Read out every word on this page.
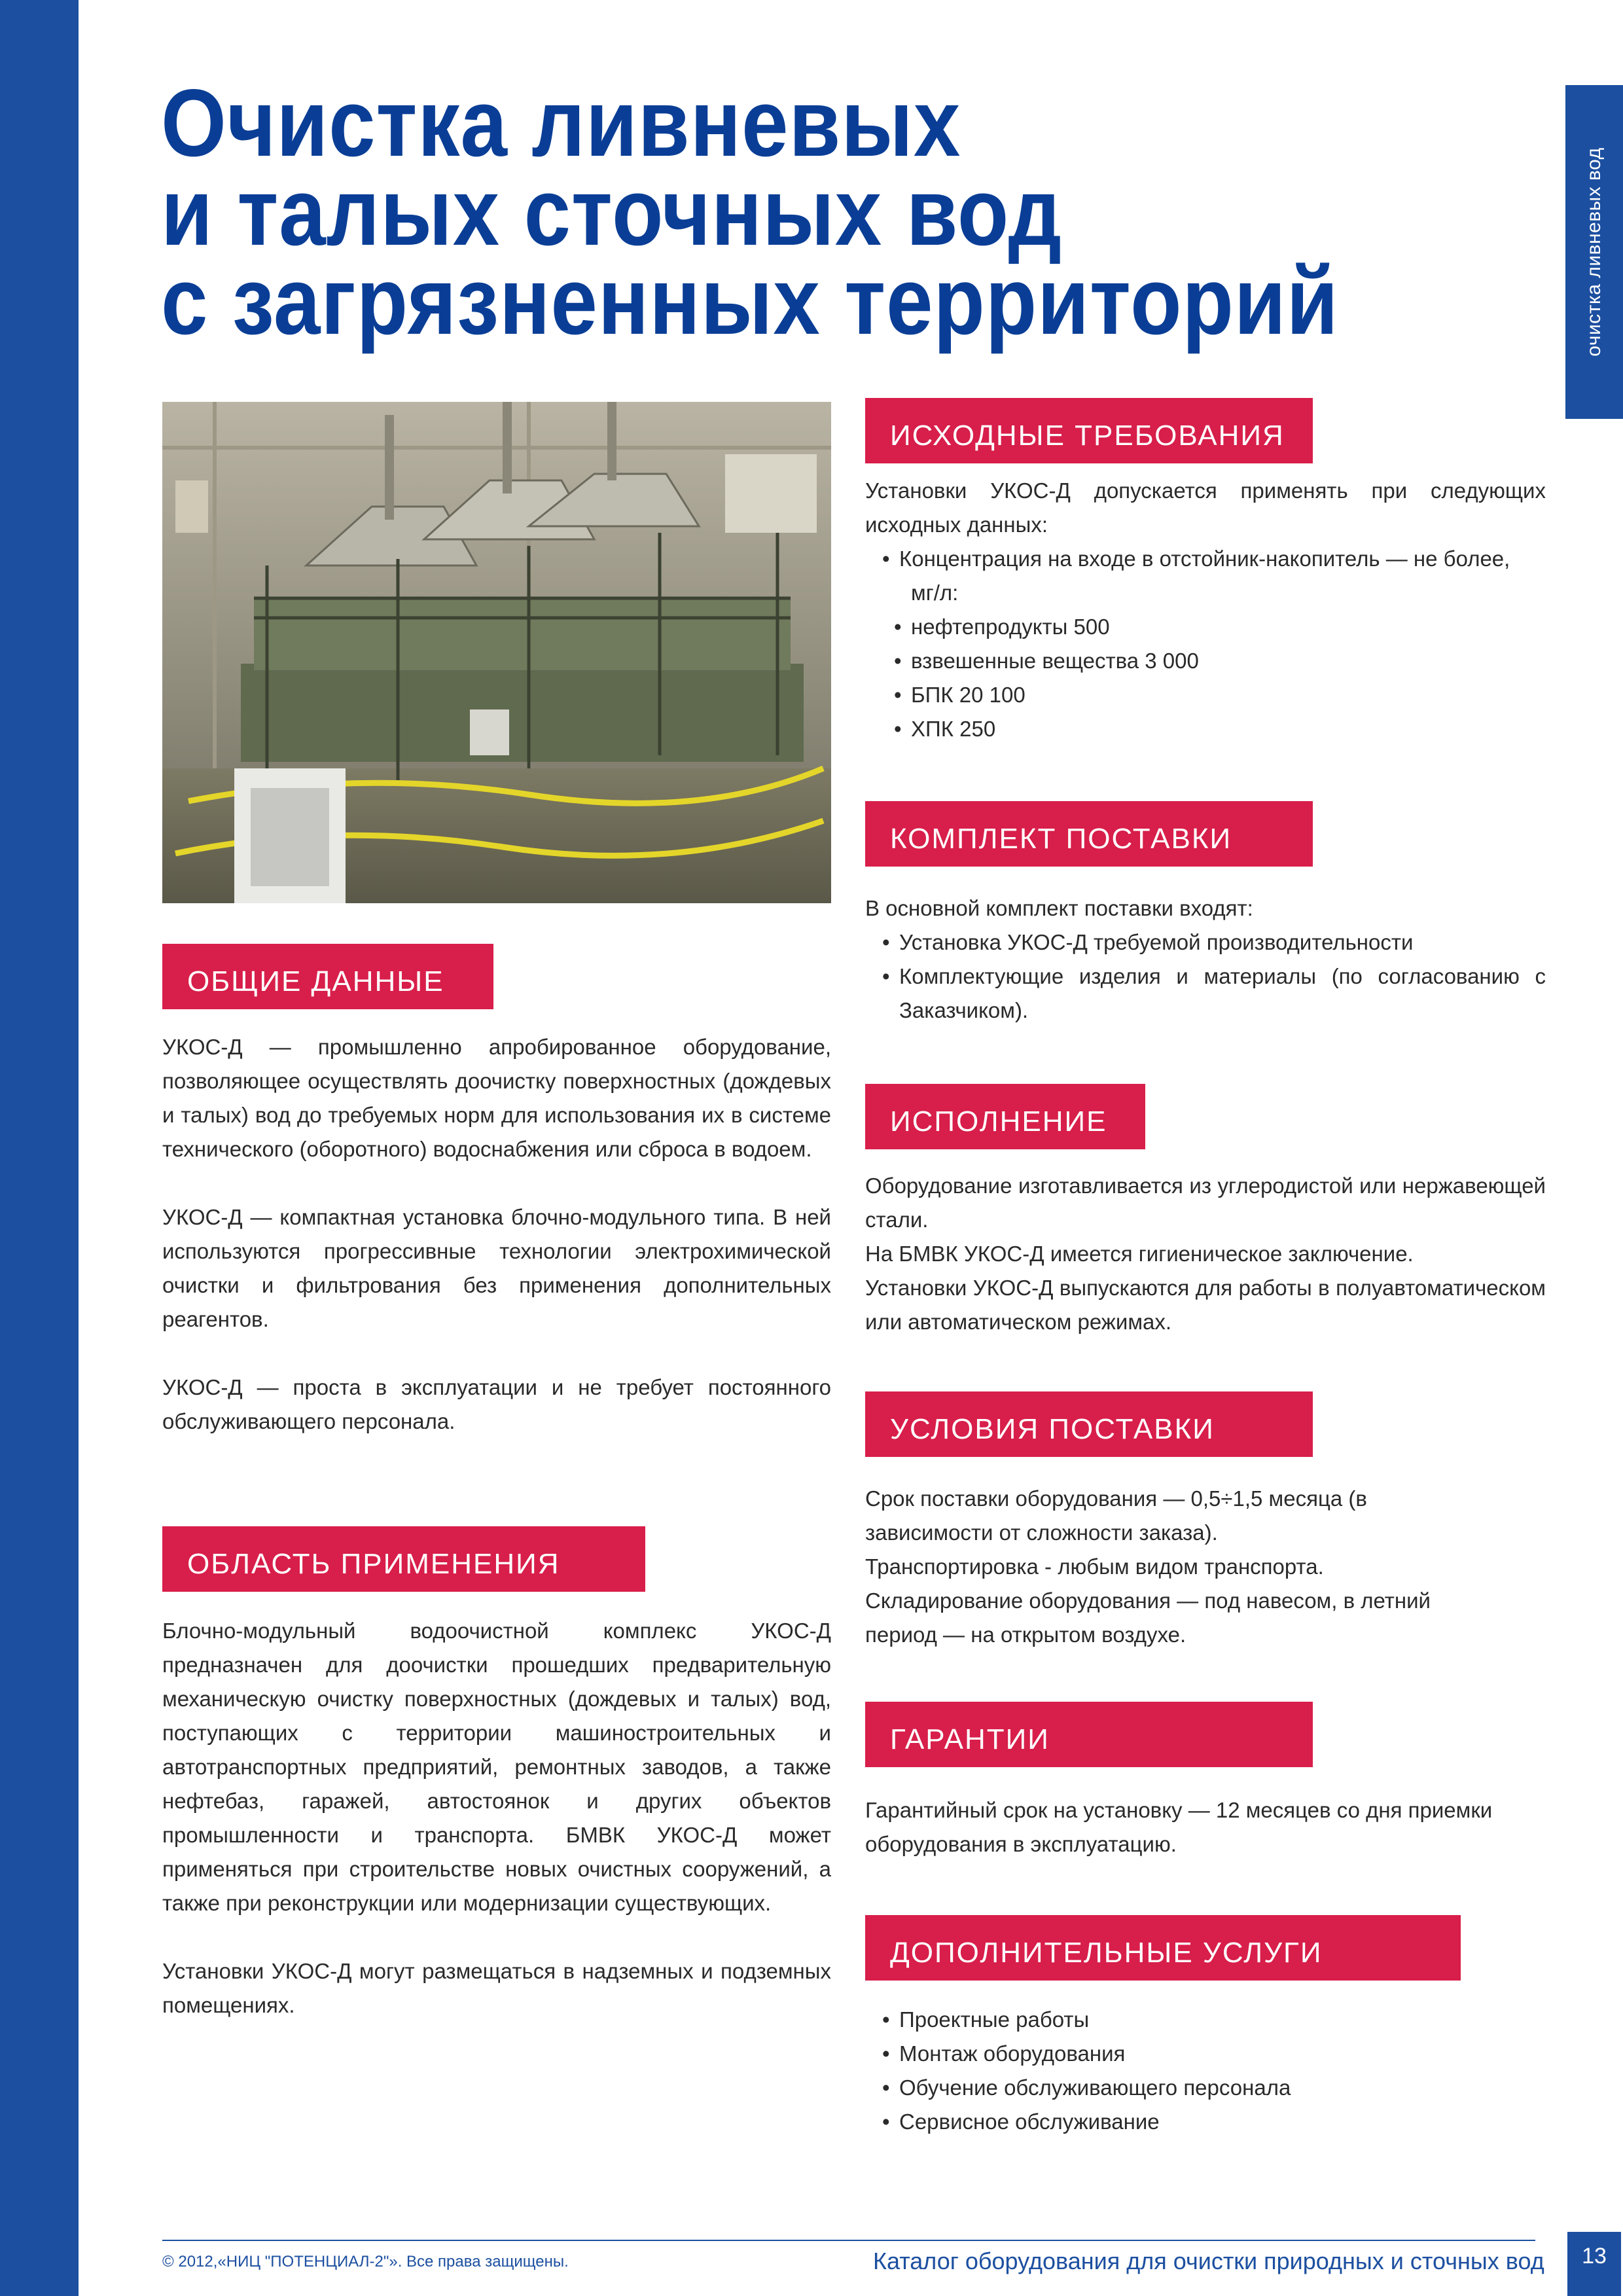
очистка ливневых вод
Очистка ливневых
и талых сточных вод
с загрязненных территорий
ОБЩИЕ ДАННЫЕ

УКОС-Д — промышленно апробированное оборудование, позволяющее осуществлять доочистку поверхностных (дождевых и талых) вод до требуемых норм для использования их в системе технического (оборотного) водоснабжения или сброса в водоем.

УКОС-Д — компактная установка блочно-модульного типа. В ней используются прогрессивные технологии электрохимической очистки и фильтрования без применения дополнительных реагентов.

УКОС-Д — проста в эксплуатации и не требует постоянного обслуживающего персонала.

ОБЛАСТЬ ПРИМЕНЕНИЯ

Блочно-модульный водоочистной комплекс УКОС-Д предназначен для доочистки прошедших предварительную механическую очистку поверхностных (дождевых и талых) вод, поступающих с территории машиностроительных и автотранспортных предприятий, ремонтных заводов, а также нефтебаз, гаражей, автостоянок и других объектов промышленности и транспорта. БМВК УКОС-Д может применяться при строительстве новых очистных сооружений, а также при реконструкции или модернизации существующих.

Установки УКОС-Д могут размещаться в надземных и подземных помещениях.

ИСХОДНЫЕ ТРЕБОВАНИЯ

Установки УКОС-Д допускается применять при следующих исходных данных:

• Концентрация на входе в отстойник-накопитель — не более,
мг/л:
• нефтепродукты 500
• взвешенные вещества 3 000
• БПК 20 100
• ХПК 250
КОМПЛЕКТ ПОСТАВКИ

В основной комплект поставки входят:

• Установка УКОС-Д требуемой производительности

• Комплектующие изделия и материалы (по согласованию с Заказчиком).

ИСПОЛНЕНИЕ

Оборудование изготавливается из углеродистой или нержавеющей стали.

На БМВК УКОС-Д имеется гигиеническое заключение.

Установки УКОС-Д выпускаются для работы в полуавтоматическом или автоматическом режимах.

УСЛОВИЯ ПОСТАВКИ
Срок поставки оборудования — 0,5÷1,5 месяца (в
зависимости от сложности заказа).
Транспортировка - любым видом транспорта.
Складирование оборудования — под навесом, в летний
период — на открытом воздухе.
ГАРАНТИИ

Гарантийный срок на установку — 12 месяцев со дня приемки оборудования в эксплуатацию.

ДОПОЛНИТЕЛЬНЫЕ УСЛУГИ

• Проектные работы

• Монтаж оборудования

• Обучение обслуживающего персонала

• Сервисное обслуживание

© 2012,«НИЦ "ПОТЕНЦИАЛ-2"». Все права защищены.	Каталог оборудования для очистки природных и сточных вод	13
